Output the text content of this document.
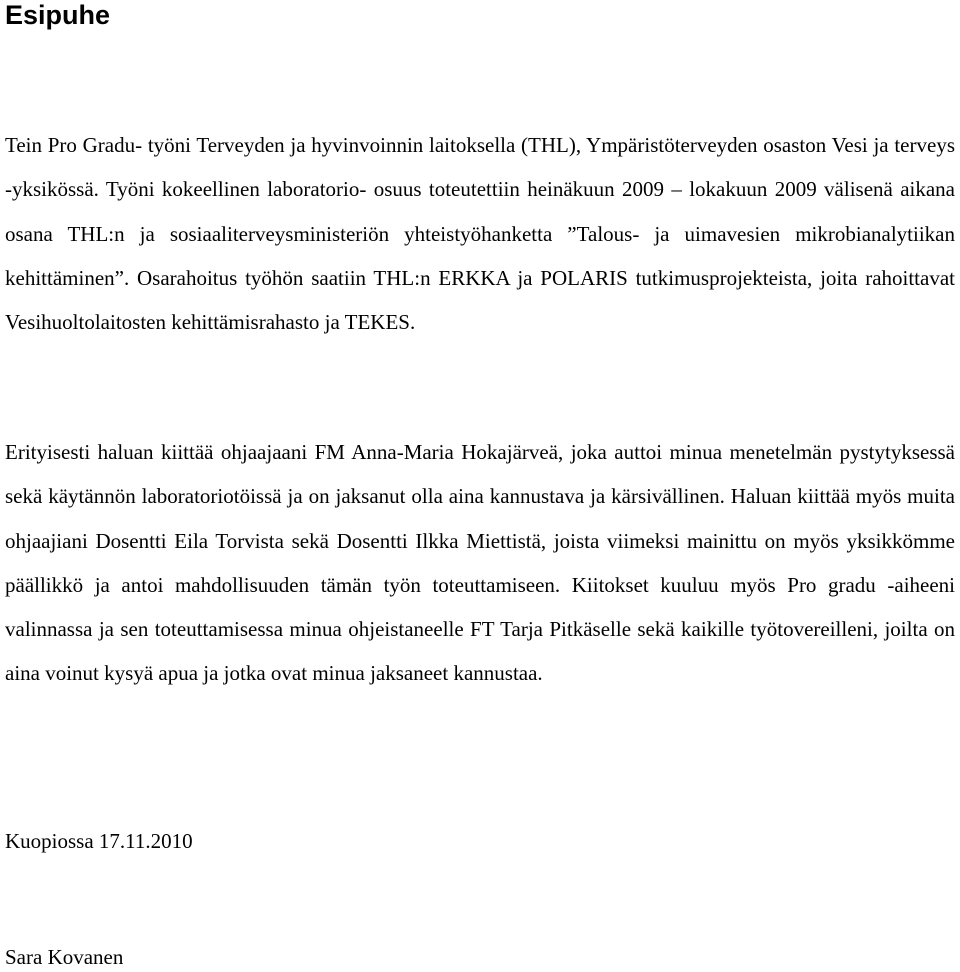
Esipuhe

Tein Pro Gradu- työni Terveyden ja hyvinvoinnin laitoksella (THL), Ympäristöterveyden osaston Vesi ja terveys -yksikössä. Työni kokeellinen laboratorio- osuus toteutettiin heinäkuun 2009 – lokakuun 2009 välisenä aikana osana THL:n ja sosiaaliterveysministeriön yhteistyöhanketta ”Talous- ja uimavesien mikrobianalytiikan kehittäminen”. Osarahoitus työhön saatiin THL:n ERKKA ja POLARIS tutkimusprojekteista, joita rahoittavat Vesihuoltolaitosten kehittämisrahasto ja TEKES.

Erityisesti haluan kiittää ohjaajaani FM Anna-Maria Hokajärveä, joka auttoi minua menetelmän pystytyksessä sekä käytännön laboratoriotöissä ja on jaksanut olla aina kannustava ja kärsivällinen. Haluan kiittää myös muita ohjaajiani Dosentti Eila Torvista sekä Dosentti Ilkka Miettistä, joista viimeksi mainittu on myös yksikkömme päällikkö ja antoi mahdollisuuden tämän työn toteuttamiseen. Kiitokset kuuluu myös Pro gradu -aiheeni valinnassa ja sen toteuttamisessa minua ohjeistaneelle FT Tarja Pitkäselle sekä kaikille työtovereilleni, joilta on aina voinut kysyä apua ja jotka ovat minua jaksaneet kannustaa.

Kuopiossa 17.11.2010

Sara Kovanen
